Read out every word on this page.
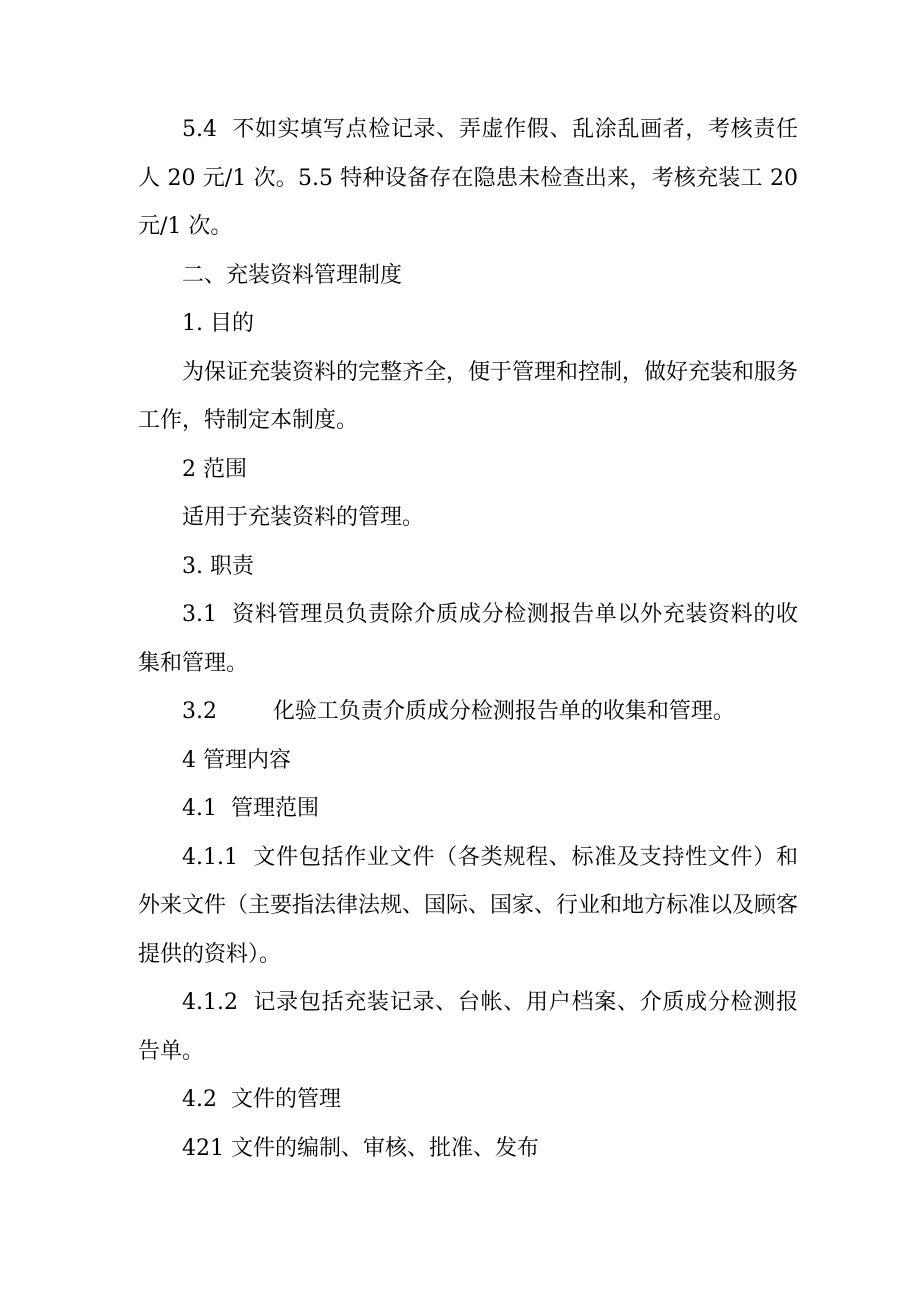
5.4  不如实填写点检记录、弄虚作假、乱涂乱画者，考核责任人 20 元/1 次。5.5 特种设备存在隐患未检查出来，考核充装工 20 元/1 次。

二、充装资料管理制度

1. 目的

为保证充装资料的完整齐全，便于管理和控制，做好充装和服务工作，特制定本制度。

2 范围

适用于充装资料的管理。

3. 职责

3.1  资料管理员负责除介质成分检测报告单以外充装资料的收集和管理。

3.2        化验工负责介质成分检测报告单的收集和管理。

4 管理内容

4.1  管理范围

4.1.1  文件包括作业文件（各类规程、标准及支持性文件）和外来文件（主要指法律法规、国际、国家、行业和地方标准以及顾客提供的资料）。

4.1.2  记录包括充装记录、台帐、用户档案、介质成分检测报告单。

4.2  文件的管理

421 文件的编制、审核、批准、发布
